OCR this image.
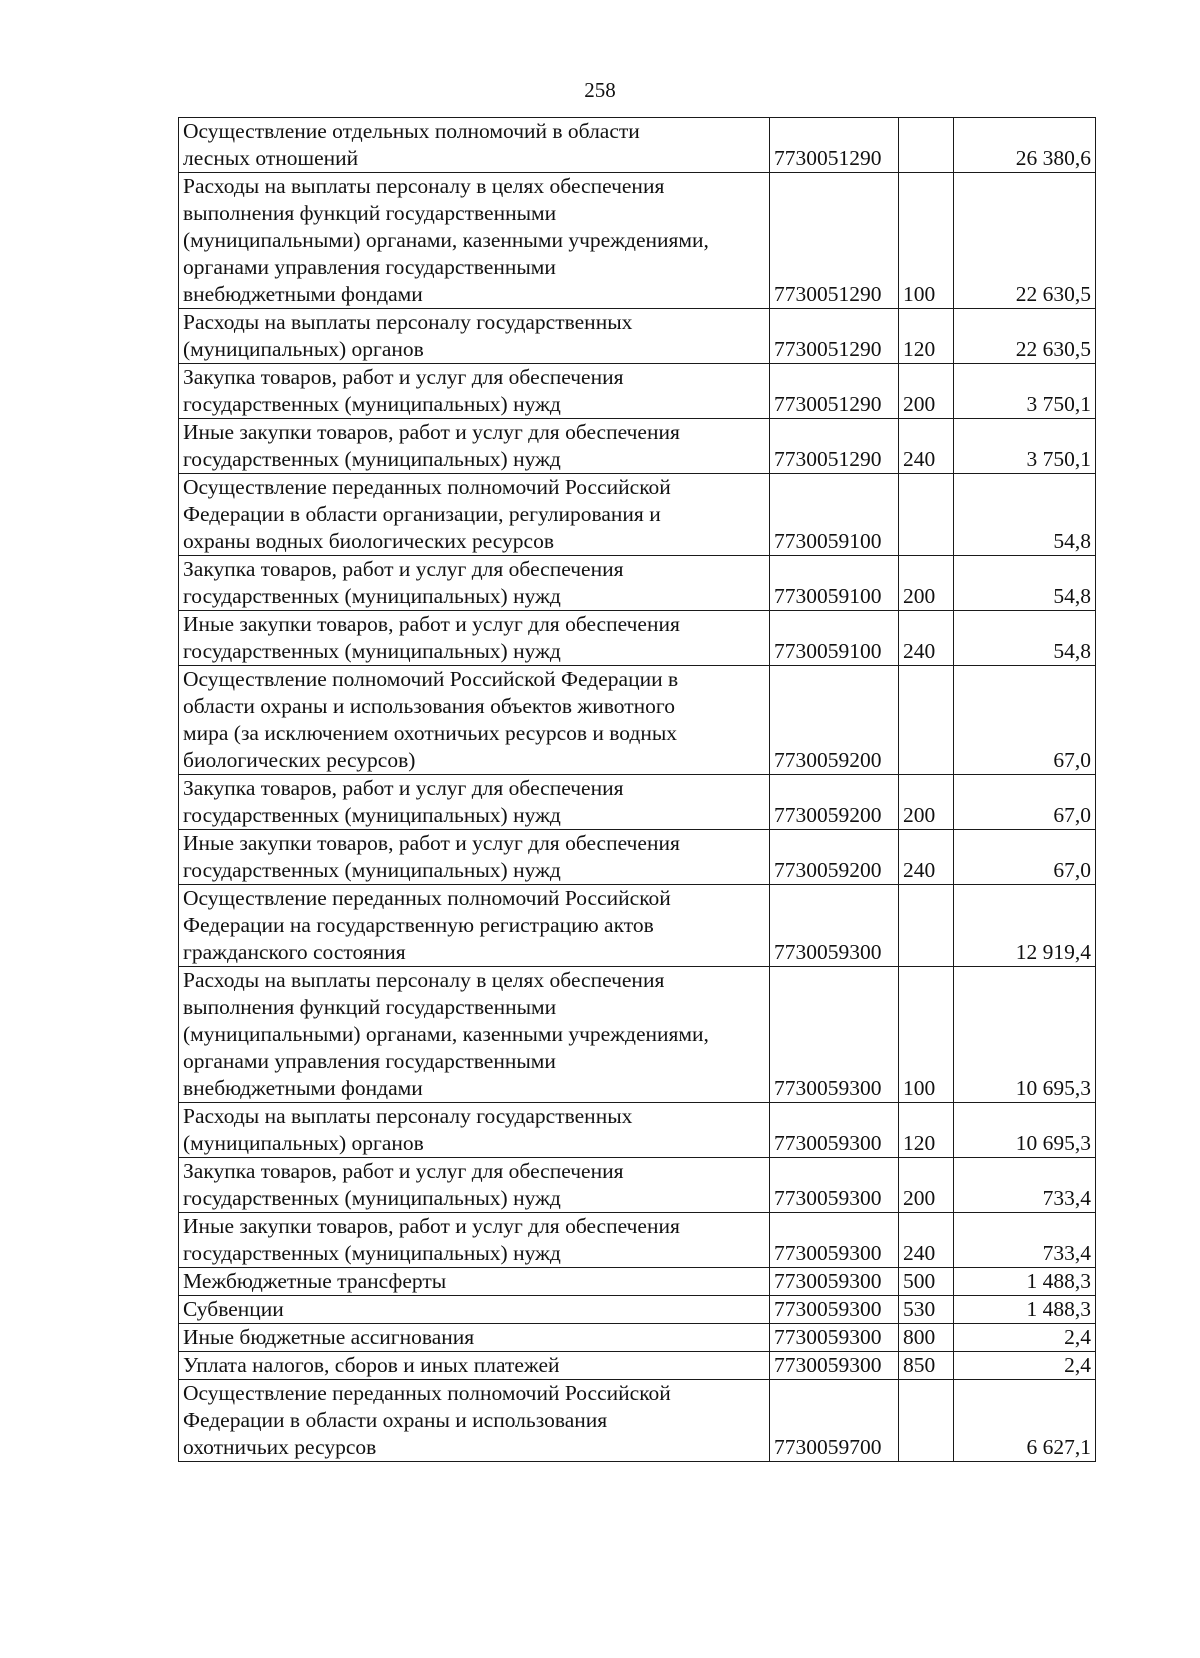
258
Осуществление отдельных полномочий в области
лесных отношений	7730051290		26 380,6

Расходы на выплаты персоналу в целях обеспечения
выполнения функций государственными
(муниципальными) органами, казенными учреждениями,
органами управления государственными
внебюджетными фондами	7730051290	100	22 630,5

Расходы на выплаты персоналу государственных
(муниципальных) органов	7730051290	120	22 630,5

Закупка товаров, работ и услуг для обеспечения
государственных (муниципальных) нужд	7730051290	200	3 750,1

Иные закупки товаров, работ и услуг для обеспечения
государственных (муниципальных) нужд	7730051290	240	3 750,1

Осуществление переданных полномочий Российской
Федерации в области организации, регулирования и
охраны водных биологических ресурсов	7730059100		54,8

Закупка товаров, работ и услуг для обеспечения
государственных (муниципальных) нужд	7730059100	200	54,8

Иные закупки товаров, работ и услуг для обеспечения
государственных (муниципальных) нужд	7730059100	240	54,8

Осуществление полномочий Российской Федерации в
области охраны и использования объектов животного
мира (за исключением охотничьих ресурсов и водных
биологических ресурсов)	7730059200		67,0

Закупка товаров, работ и услуг для обеспечения
государственных (муниципальных) нужд	7730059200	200	67,0

Иные закупки товаров, работ и услуг для обеспечения
государственных (муниципальных) нужд	7730059200	240	67,0

Осуществление переданных полномочий Российской
Федерации на государственную регистрацию актов
гражданского состояния	7730059300		12 919,4

Расходы на выплаты персоналу в целях обеспечения
выполнения функций государственными
(муниципальными) органами, казенными учреждениями,
органами управления государственными
внебюджетными фондами	7730059300	100	10 695,3

Расходы на выплаты персоналу государственных
(муниципальных) органов	7730059300	120	10 695,3

Закупка товаров, работ и услуг для обеспечения
государственных (муниципальных) нужд	7730059300	200	733,4

Иные закупки товаров, работ и услуг для обеспечения
государственных (муниципальных) нужд	7730059300	240	733,4

Межбюджетные трансферты	7730059300	500	1 488,3

Субвенции	7730059300	530	1 488,3

Иные бюджетные ассигнования	7730059300	800	2,4

Уплата налогов, сборов и иных платежей	7730059300	850	2,4

Осуществление переданных полномочий Российской
Федерации в области охраны и использования
охотничьих ресурсов	7730059700		6 627,1
